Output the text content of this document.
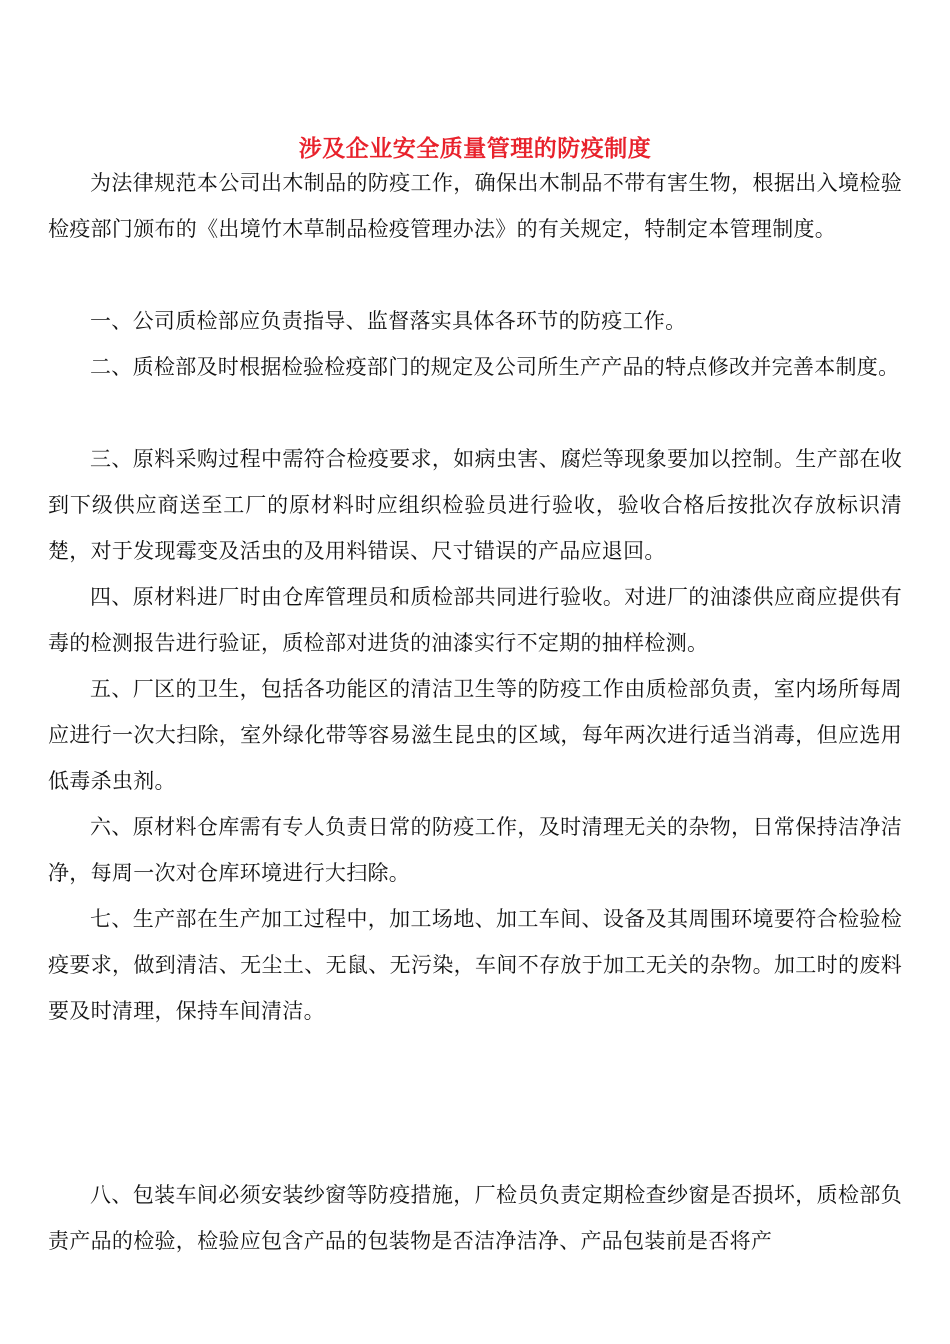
涉及企业安全质量管理的防疫制度

为法律规范本公司出木制品的防疫工作，确保出木制品不带有害生物，根据出入境检验检疫部门颁布的《出境竹木草制品检疫管理办法》的有关规定，特制定本管理制度。

一、公司质检部应负责指导、监督落实具体各环节的防疫工作。

二、质检部及时根据检验检疫部门的规定及公司所生产产品的特点修改并完善本制度。

三、原料采购过程中需符合检疫要求，如病虫害、腐烂等现象要加以控制。生产部在收到下级供应商送至工厂的原材料时应组织检验员进行验收，验收合格后按批次存放标识清楚，对于发现霉变及活虫的及用料错误、尺寸错误的产品应退回。

四、原材料进厂时由仓库管理员和质检部共同进行验收。对进厂的油漆供应商应提供有毒的检测报告进行验证，质检部对进货的油漆实行不定期的抽样检测。

五、厂区的卫生，包括各功能区的清洁卫生等的防疫工作由质检部负责，室内场所每周应进行一次大扫除，室外绿化带等容易滋生昆虫的区域，每年两次进行适当消毒，但应选用低毒杀虫剂。

六、原材料仓库需有专人负责日常的防疫工作，及时清理无关的杂物，日常保持洁净洁净，每周一次对仓库环境进行大扫除。

七、生产部在生产加工过程中，加工场地、加工车间、设备及其周围环境要符合检验检疫要求，做到清洁、无尘土、无鼠、无污染，车间不存放于加工无关的杂物。加工时的废料要及时清理，保持车间清洁。

八、包装车间必须安装纱窗等防疫措施，厂检员负责定期检查纱窗是否损坏，质检部负责产品的检验，检验应包含产品的包装物是否洁净洁净、产品包装前是否将产
